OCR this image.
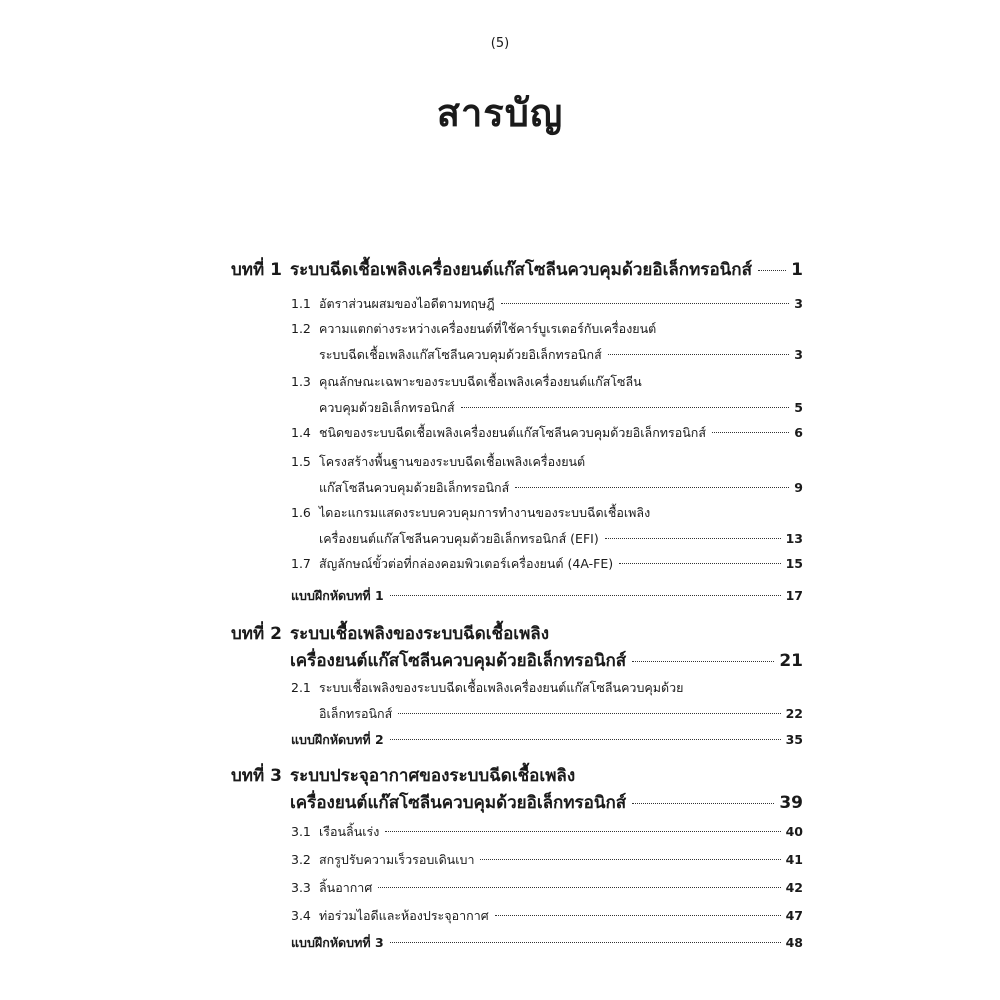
(5)
สารบัญ
บทที่ 1 ระบบฉีดเชื้อเพลิงเครื่องยนต์แก๊สโซลีนควบคุมด้วยอิเล็กทรอนิกส์ 1
1.1 อัตราส่วนผสมของไอดีตามทฤษฎี	3
1.2 ความแตกต่างระหว่างเครื่องยนต์ที่ใช้คาร์บูเรเตอร์กับเครื่องยนต์
ระบบฉีดเชื้อเพลิงแก๊สโซลีนควบคุมด้วยอิเล็กทรอนิกส์	3
1.3 คุณลักษณะเฉพาะของระบบฉีดเชื้อเพลิงเครื่องยนต์แก๊สโซลีน
ควบคุมด้วยอิเล็กทรอนิกส์	5
1.4 ชนิดของระบบฉีดเชื้อเพลิงเครื่องยนต์แก๊สโซลีนควบคุมด้วยอิเล็กทรอนิกส์	6
1.5 โครงสร้างพื้นฐานของระบบฉีดเชื้อเพลิงเครื่องยนต์
แก๊สโซลีนควบคุมด้วยอิเล็กทรอนิกส์	9
1.6 ไดอะแกรมแสดงระบบควบคุมการทำงานของระบบฉีดเชื้อเพลิง
เครื่องยนต์แก๊สโซลีนควบคุมด้วยอิเล็กทรอนิกส์ (EFI)	13
1.7 สัญลักษณ์ขั้วต่อที่กล่องคอมพิวเตอร์เครื่องยนต์ (4A-FE)	15
แบบฝึกหัดบทที่ 1	17
บทที่ 2 ระบบเชื้อเพลิงของระบบฉีดเชื้อเพลิง
เครื่องยนต์แก๊สโซลีนควบคุมด้วยอิเล็กทรอนิกส์	21
2.1 ระบบเชื้อเพลิงของระบบฉีดเชื้อเพลิงเครื่องยนต์แก๊สโซลีนควบคุมด้วย
อิเล็กทรอนิกส์	22
แบบฝึกหัดบทที่ 2	35
บทที่ 3 ระบบประจุอากาศของระบบฉีดเชื้อเพลิง
เครื่องยนต์แก๊สโซลีนควบคุมด้วยอิเล็กทรอนิกส์	39
3.1 เรือนลิ้นเร่ง	40
3.2 สกรูปรับความเร็วรอบเดินเบา	41
3.3 ลิ้นอากาศ	42
3.4 ท่อร่วมไอดีและห้องประจุอากาศ	47
แบบฝึกหัดบทที่ 3	48
